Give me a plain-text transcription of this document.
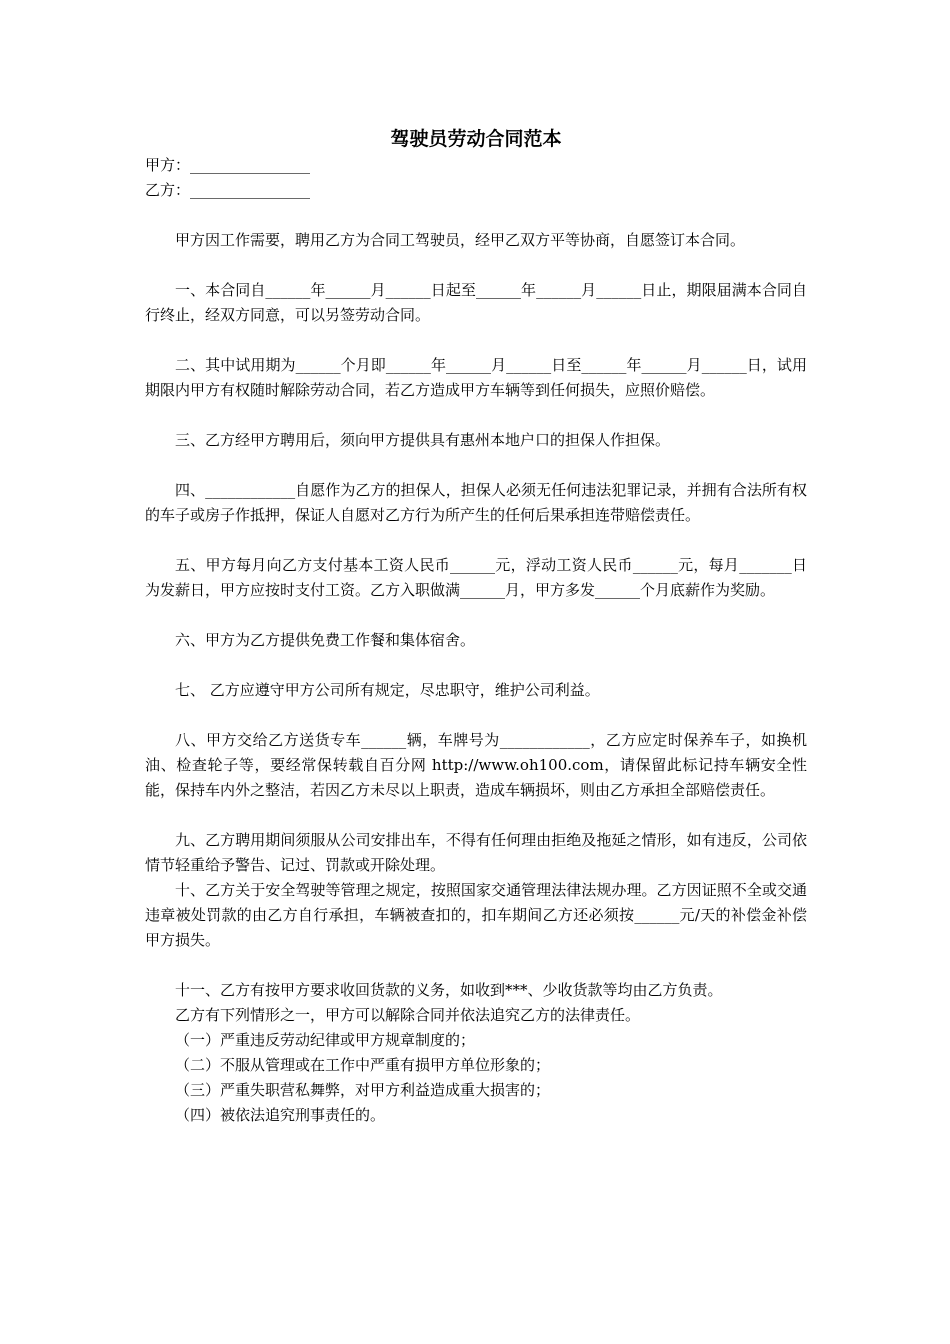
驾驶员劳动合同范本

甲方：________________

乙方：________________

甲方因工作需要，聘用乙方为合同工驾驶员，经甲乙双方平等协商，自愿签订本合同。

一、本合同自______年______月______日起至______年______月______日止，期限届满本合同自行终止，经双方同意，可以另签劳动合同。

二、其中试用期为______个月即______年______月______日至______年______月______日，试用期限内甲方有权随时解除劳动合同，若乙方造成甲方车辆等到任何损失，应照价赔偿。

三、乙方经甲方聘用后，须向甲方提供具有惠州本地户口的担保人作担保。

四、____________自愿作为乙方的担保人，担保人必须无任何违法犯罪记录，并拥有合法所有权的车子或房子作抵押，保证人自愿对乙方行为所产生的任何后果承担连带赔偿责任。

五、甲方每月向乙方支付基本工资人民币______元，浮动工资人民币______元，每月_______日为发薪日，甲方应按时支付工资。乙方入职做满______月，甲方多发______个月底薪作为奖励。

六、甲方为乙方提供免费工作餐和集体宿舍。

七、 乙方应遵守甲方公司所有规定，尽忠职守，维护公司利益。

八、甲方交给乙方送货专车______辆，车牌号为____________，乙方应定时保养车子，如换机油、检查轮子等，要经常保转载自百分网 http://www.oh100.com，请保留此标记持车辆安全性能，保持车内外之整洁，若因乙方未尽以上职责，造成车辆损坏，则由乙方承担全部赔偿责任。

九、乙方聘用期间须服从公司安排出车，不得有任何理由拒绝及拖延之情形，如有违反，公司依情节轻重给予警告、记过、罚款或开除处理。

十、乙方关于安全驾驶等管理之规定，按照国家交通管理法律法规办理。乙方因证照不全或交通违章被处罚款的由乙方自行承担，车辆被查扣的，扣车期间乙方还必须按______元/天的补偿金补偿甲方损失。

十一、乙方有按甲方要求收回货款的义务，如收到***、少收货款等均由乙方负责。

乙方有下列情形之一，甲方可以解除合同并依法追究乙方的法律责任。

（一）严重违反劳动纪律或甲方规章制度的；

（二）不服从管理或在工作中严重有损甲方单位形象的；

（三）严重失职营私舞弊，对甲方利益造成重大损害的；

（四）被依法追究刑事责任的。
